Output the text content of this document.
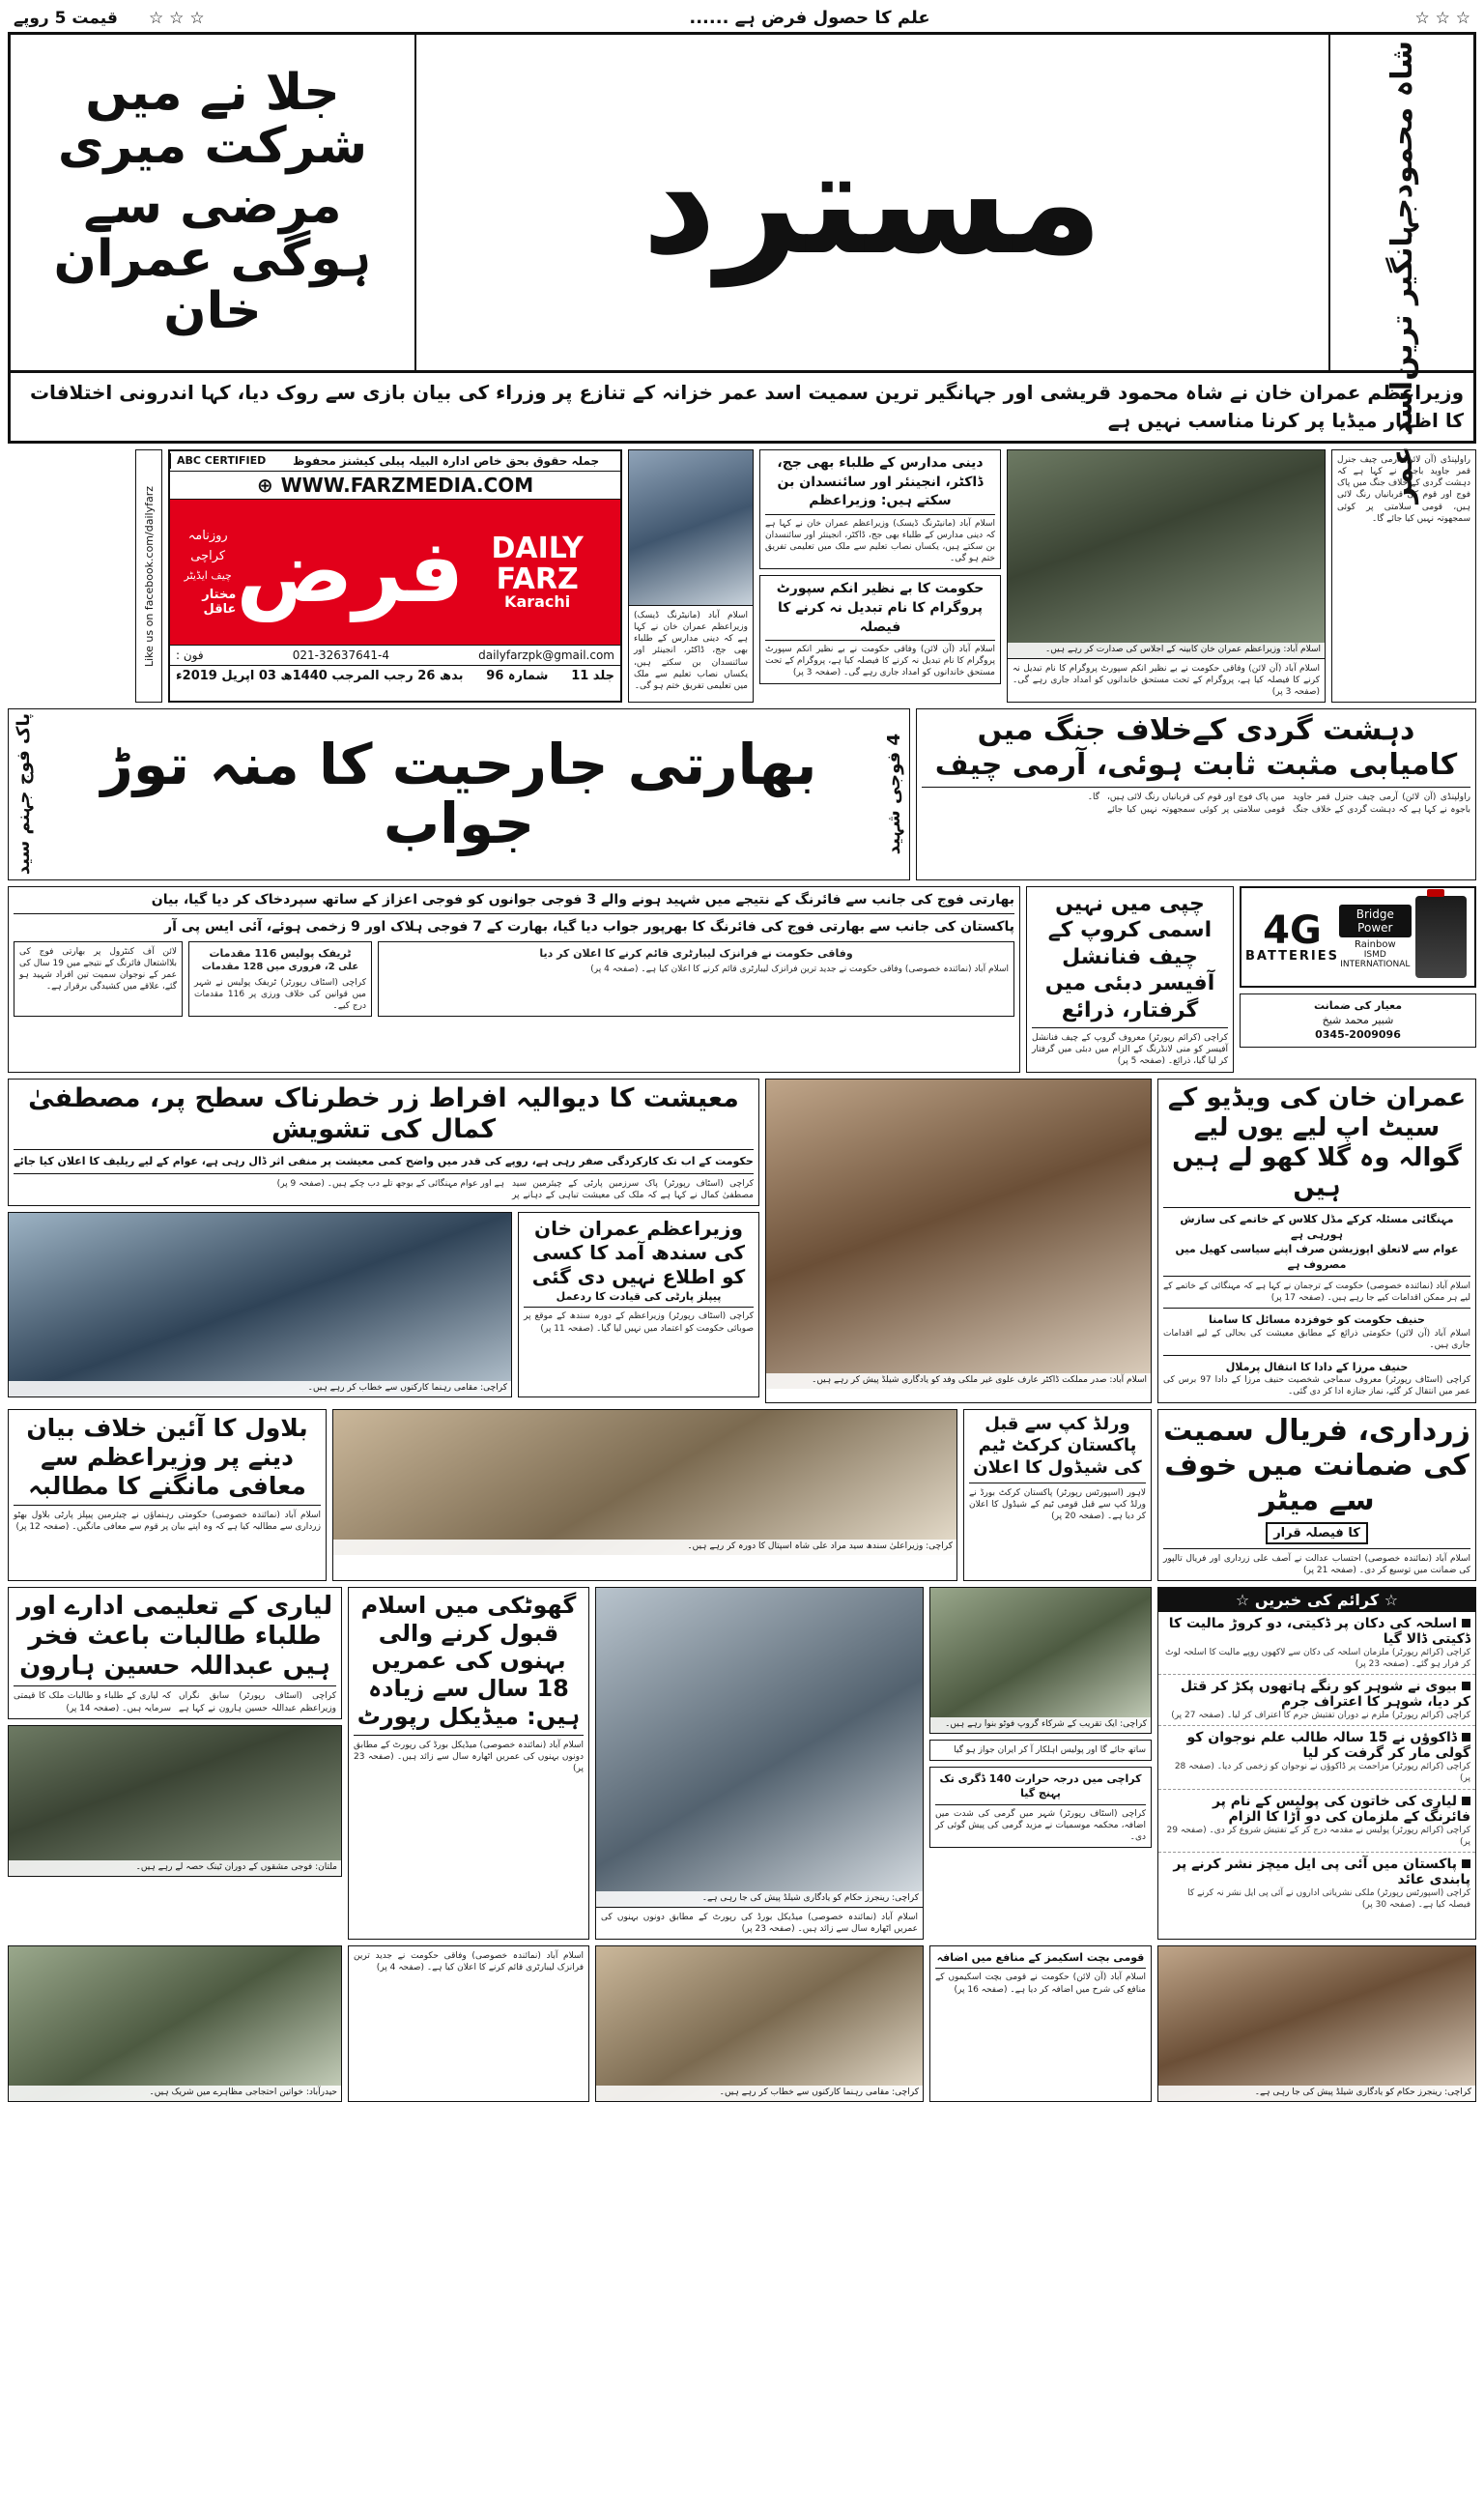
☆ ☆ ☆
علم کا حصول فرض ہے ......
☆ ☆ ☆
قیمت 5 روپے
شاہ محمود
جہانگیر ترین
اسد عمر
مسترد
جلا نے میں شرکت میری
مرضی سے ہوگی عمران خان
وزیراعظم عمران خان نے شاہ محمود قریشی اور جہانگیر ترین سمیت اسد عمر خزانہ کے تنازع پر وزراء کی بیان بازی سے روک دیا، کہا اندرونی اختلافات کا اظہار میڈیا پر کرنا مناسب نہیں ہے
راولپنڈی (آن لائن) آرمی چیف جنرل قمر جاوید باجوہ نے کہا ہے کہ دہشت گردی کے خلاف جنگ میں پاک فوج اور قوم کی قربانیاں رنگ لائی ہیں، قومی سلامتی پر کوئی سمجھوتہ نہیں کیا جائے گا۔
اسلام آباد: وزیراعظم عمران خان کابینہ کے اجلاس کی صدارت کر رہے ہیں۔
اسلام آباد (آن لائن) وفاقی حکومت نے بے نظیر انکم سپورٹ پروگرام کا نام تبدیل نہ کرنے کا فیصلہ کیا ہے، پروگرام کے تحت مستحق خاندانوں کو امداد جاری رہے گی۔ (صفحہ 3 پر)
دینی مدارس کے طلباء بھی جج، ڈاکٹر، انجینئر اور سائنسدان بن سکتے ہیں: وزیراعظم
اسلام آباد (مانیٹرنگ ڈیسک) وزیراعظم عمران خان نے کہا ہے کہ دینی مدارس کے طلباء بھی جج، ڈاکٹر، انجینئر اور سائنسدان بن سکتے ہیں، یکساں نصاب تعلیم سے ملک میں تعلیمی تفریق ختم ہو گی۔
حکومت کا بے نظیر انکم سپورٹ پروگرام کا نام تبدیل نہ کرنے کا فیصلہ
اسلام آباد (آن لائن) وفاقی حکومت نے بے نظیر انکم سپورٹ پروگرام کا نام تبدیل نہ کرنے کا فیصلہ کیا ہے، پروگرام کے تحت مستحق خاندانوں کو امداد جاری رہے گی۔ (صفحہ 3 پر)
اسلام آباد (مانیٹرنگ ڈیسک) وزیراعظم عمران خان نے کہا ہے کہ دینی مدارس کے طلباء بھی جج، ڈاکٹر، انجینئر اور سائنسدان بن سکتے ہیں، یکساں نصاب تعلیم سے ملک میں تعلیمی تفریق ختم ہو گی۔
جملہ حقوق بحق خاص ادارہ البیلہ پبلی کیشنز محفوظ
ABC CERTIFIED
⊕ WWW.FARZMEDIA.COM
DAILY FARZ
Karachi
فرض
روزنامہ
کراچی
چیف ایڈیٹر
مختار عاقل
dailyfarzpk@gmail.com
021-32637641-4
فون :
جلد 11
شمارہ 96
بدھ 26 رجب المرجب 1440ھ 03 اپریل 2019ء
Like us on facebook.com/dailyfarz
دہشت گردی کےخلاف جنگ میں کامیابی مثبت ثابت ہوئی، آرمی چیف
راولپنڈی (آن لائن) آرمی چیف جنرل قمر جاوید باجوہ نے کہا ہے کہ دہشت گردی کے خلاف جنگ میں پاک فوج اور قوم کی قربانیاں رنگ لائی ہیں، قومی سلامتی پر کوئی سمجھوتہ نہیں کیا جائے گا۔
4 فوجی شہید
بھارتی جارحیت کا منہ توڑ جواب
پاک فوج جہنم سید
Bridge Power
Rainbow
ISMD INTERNATIONAL
4G
BATTERIES
معیار کی ضمانت
شبیر محمد شیخ
0345-2009096
چپی میں نہیں اسمی کروپ کے چیف فنانشل آفیسر دبئی میں گرفتار، ذرائع
کراچی (کرائم رپورٹر) معروف گروپ کے چیف فنانشل آفیسر کو منی لانڈرنگ کے الزام میں دبئی میں گرفتار کر لیا گیا، ذرائع۔ (صفحہ 5 پر)
بھارتی فوج کی جانب سے فائرنگ کے نتیجے میں شہید ہونے والے 3 فوجی جوانوں کو فوجی اعزاز کے ساتھ سپردخاک کر دیا گیا، بیان
پاکستان کی جانب سے بھارتی فوج کی فائرنگ کا بھرپور جواب دیا گیا، بھارت کے 7 فوجی ہلاک اور 9 زخمی ہوئے، آئی ایس پی آر
وفاقی حکومت نے فرانزک لیبارٹری قائم کرنے کا اعلان کر دیا
اسلام آباد (نمائندہ خصوصی) وفاقی حکومت نے جدید ترین فرانزک لیبارٹری قائم کرنے کا اعلان کیا ہے۔ (صفحہ 4 پر)
ٹریفک پولیس 116 مقدمات
علی 2، فروری میں 128 مقدمات
کراچی (اسٹاف رپورٹر) ٹریفک پولیس نے شہر میں قوانین کی خلاف ورزی پر 116 مقدمات درج کیے۔
لائن آف کنٹرول پر بھارتی فوج کی بلااشتعال فائرنگ کے نتیجے میں 19 سال کی عمر کے نوجوان سمیت تین افراد شہید ہو گئے، علاقے میں کشیدگی برقرار ہے۔
عمران خان کی ویڈیو کے سیٹ اپ لیے یوں لیے گوالہ وہ گلا کھو لے ہیں ہیں
مہنگائی مسئلہ کرکے مڈل کلاس کے خاتمے کی سازش ہورہی ہے
عوام سے لاتعلق اپوزیشن صرف اپنے سیاسی کھیل میں مصروف ہے
اسلام آباد (نمائندہ خصوصی) حکومت کے ترجمان نے کہا ہے کہ مہنگائی کے خاتمے کے لیے ہر ممکن اقدامات کیے جا رہے ہیں۔ (صفحہ 17 پر)
حنیف حکومت کو خوفزدہ مسائل کا سامنا
اسلام آباد (آن لائن) حکومتی ذرائع کے مطابق معیشت کی بحالی کے لیے اقدامات جاری ہیں۔
حنیف مرزا کے دادا کا انتقال پرملال
کراچی (اسٹاف رپورٹر) معروف سماجی شخصیت حنیف مرزا کے دادا 97 برس کی عمر میں انتقال کر گئے، نماز جنازہ ادا کر دی گئی۔
اسلام آباد: صدر مملکت ڈاکٹر عارف علوی غیر ملکی وفد کو یادگاری شیلڈ پیش کر رہے ہیں۔
معیشت کا دیوالیہ افراط زر خطرناک سطح پر، مصطفیٰ کمال کی تشویش
حکومت کے اب تک کارکردگی صفر رہی ہے، روپے کی قدر میں واضح کمی معیشت پر منفی اثر ڈال رہی ہے، عوام کے لیے ریلیف کا اعلان کیا جائے
کراچی (اسٹاف رپورٹر) پاک سرزمین پارٹی کے چیئرمین سید مصطفیٰ کمال نے کہا ہے کہ ملک کی معیشت تباہی کے دہانے پر ہے اور عوام مہنگائی کے بوجھ تلے دب چکے ہیں۔ (صفحہ 9 پر)
وزیراعظم عمران خان کی سندھ آمد کا کسی کو اطلاع نہیں دی گئی
پیپلز پارٹی کی قیادت کا ردعمل
کراچی (اسٹاف رپورٹر) وزیراعظم کے دورہ سندھ کے موقع پر صوبائی حکومت کو اعتماد میں نہیں لیا گیا۔ (صفحہ 11 پر)
کراچی: مقامی رہنما کارکنوں سے خطاب کر رہے ہیں۔
زرداری، فریال سمیت کی ضمانت میں خوف سے میٹر
کا فیصلہ قرار
اسلام آباد (نمائندہ خصوصی) احتساب عدالت نے آصف علی زرداری اور فریال تالپور کی ضمانت میں توسیع کر دی۔ (صفحہ 21 پر)
ورلڈ کپ سے قبل پاکستان کرکٹ ٹیم کی شیڈول کا اعلان
لاہور (اسپورٹس رپورٹر) پاکستان کرکٹ بورڈ نے ورلڈ کپ سے قبل قومی ٹیم کے شیڈول کا اعلان کر دیا ہے۔ (صفحہ 20 پر)
کراچی: وزیراعلیٰ سندھ سید مراد علی شاہ اسپتال کا دورہ کر رہے ہیں۔
بلاول کا آئین خلاف بیان دینے پر وزیراعظم سے معافی مانگنے کا مطالبہ
اسلام آباد (نمائندہ خصوصی) حکومتی رہنماؤں نے چیئرمین پیپلز پارٹی بلاول بھٹو زرداری سے مطالبہ کیا ہے کہ وہ اپنے بیان پر قوم سے معافی مانگیں۔ (صفحہ 12 پر)
☆ کرائم کی خبریں ☆
اسلحہ کی دکان پر ڈکیتی، دو کروڑ مالیت کا ڈکیتی ڈالا گیا
کراچی (کرائم رپورٹر) ملزمان اسلحہ کی دکان سے لاکھوں روپے مالیت کا اسلحہ لوٹ کر فرار ہو گئے۔ (صفحہ 23 پر)
بیوی نے شوہر کو رنگے ہاتھوں پکڑ کر قتل کر دیا، شوہر کا اعتراف جرم
کراچی (کرائم رپورٹر) ملزم نے دوران تفتیش جرم کا اعتراف کر لیا۔ (صفحہ 27 پر)
ڈاکوؤں نے 15 سالہ طالب علم نوجوان کو گولی مار کر گرفت کر لیا
کراچی (کرائم رپورٹر) مزاحمت پر ڈاکوؤں نے نوجوان کو زخمی کر دیا۔ (صفحہ 28 پر)
لیاری کی خاتون کی پولیس کے نام پر فائرنگ کے ملزمان کی دو آڑا کا الزام
کراچی (کرائم رپورٹر) پولیس نے مقدمہ درج کر کے تفتیش شروع کر دی۔ (صفحہ 29 پر)
پاکستان میں آئی پی ایل میچز نشر کرنے پر پابندی عائد
کراچی (اسپورٹس رپورٹر) ملکی نشریاتی اداروں نے آئی پی ایل نشر نہ کرنے کا فیصلہ کیا ہے۔ (صفحہ 30 پر)
کراچی: ایک تقریب کے شرکاء گروپ فوٹو بنوا رہے ہیں۔
ساتھ جائے گا اور پولیس اہلکار آ کر ایران جواز ہو گیا
کراچی میں درجہ حرارت 140 ڈگری تک پہنچ گیا
کراچی (اسٹاف رپورٹر) شہر میں گرمی کی شدت میں اضافہ، محکمہ موسمیات نے مزید گرمی کی پیش گوئی کر دی۔
کراچی: رینجرز حکام کو یادگاری شیلڈ پیش کی جا رہی ہے۔
اسلام آباد (نمائندہ خصوصی) میڈیکل بورڈ کی رپورٹ کے مطابق دونوں بہنوں کی عمریں اٹھارہ سال سے زائد ہیں۔ (صفحہ 23 پر)
گھوٹکی میں اسلام قبول کرنے والی بہنوں کی عمریں 18 سال سے زیادہ ہیں: میڈیکل رپورٹ
اسلام آباد (نمائندہ خصوصی) میڈیکل بورڈ کی رپورٹ کے مطابق دونوں بہنوں کی عمریں اٹھارہ سال سے زائد ہیں۔ (صفحہ 23 پر)
لیاری کے تعلیمی ادارے اور طلباء طالبات باعث فخر ہیں عبداللہ حسین ہارون
کراچی (اسٹاف رپورٹر) سابق نگراں وزیراعظم عبداللہ حسین ہارون نے کہا ہے کہ لیاری کے طلباء و طالبات ملک کا قیمتی سرمایہ ہیں۔ (صفحہ 14 پر)
ملتان: فوجی مشقوں کے دوران ٹینک حصہ لے رہے ہیں۔
کراچی: رینجرز حکام کو یادگاری شیلڈ پیش کی جا رہی ہے۔
قومی بچت اسکیمز کے منافع میں اضافہ
اسلام آباد (آن لائن) حکومت نے قومی بچت اسکیموں کے منافع کی شرح میں اضافہ کر دیا ہے۔ (صفحہ 16 پر)
کراچی: مقامی رہنما کارکنوں سے خطاب کر رہے ہیں۔
اسلام آباد (نمائندہ خصوصی) وفاقی حکومت نے جدید ترین فرانزک لیبارٹری قائم کرنے کا اعلان کیا ہے۔ (صفحہ 4 پر)
حیدرآباد: خواتین احتجاجی مظاہرے میں شریک ہیں۔
